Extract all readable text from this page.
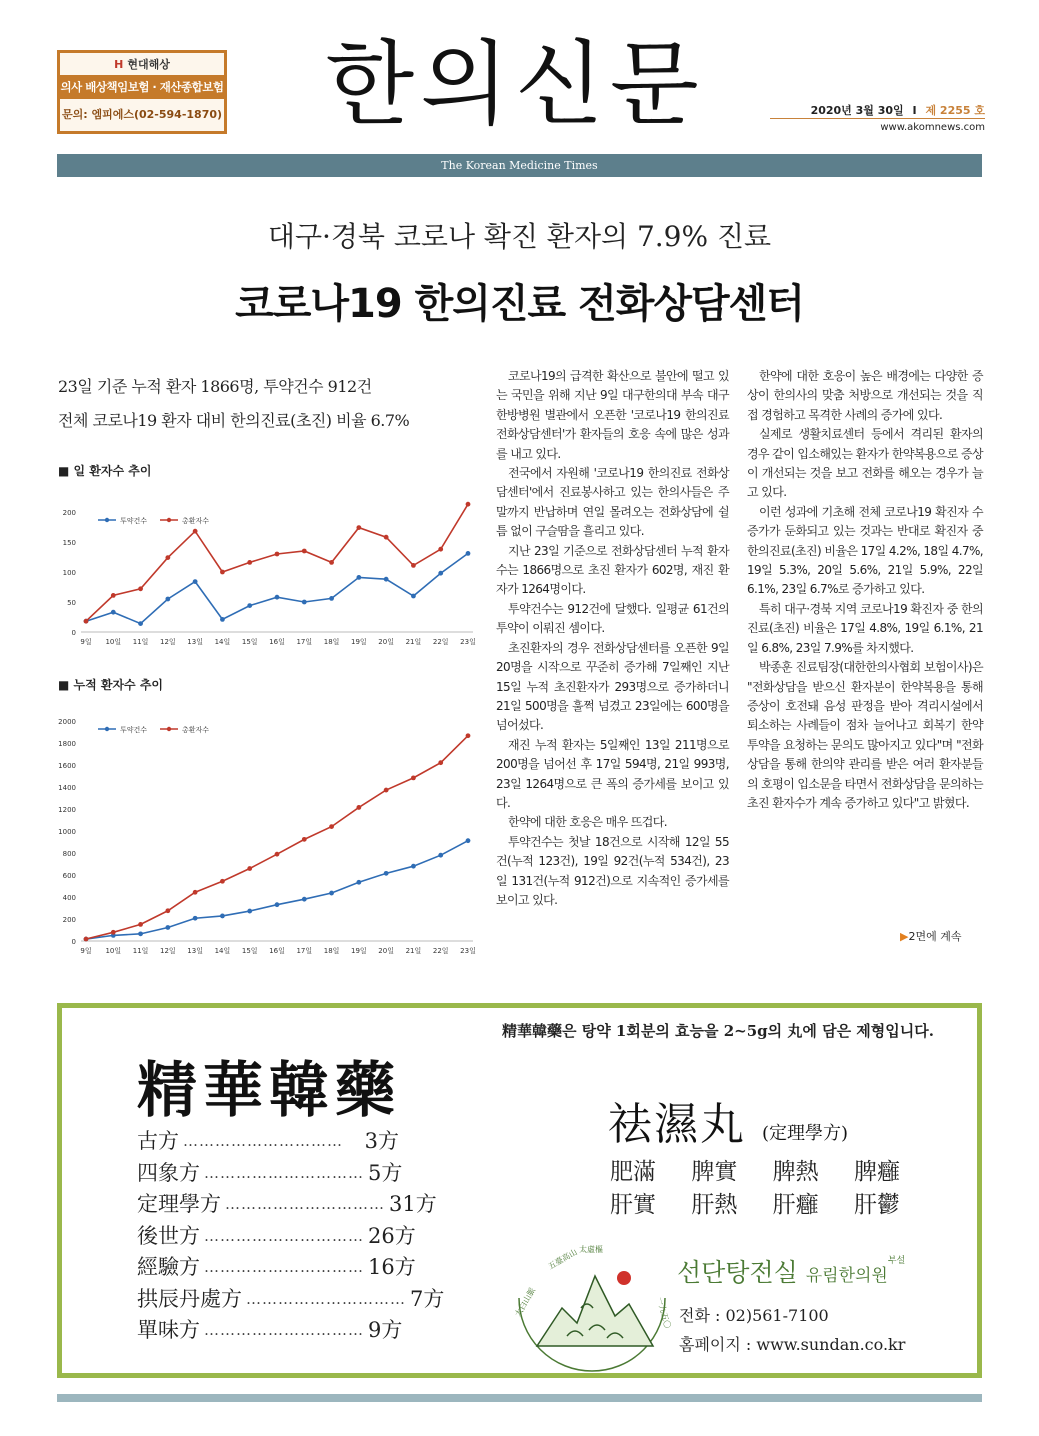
H 현대해상
의사 배상책임보험 · 재산종합보험
문의: 엠피에스(02-594-1870)	한의신문	2020년 3월 30일 I 제 2255 호
www.akomnews.com
The Korean Medicine Times
대구·경북 코로나 확진 환자의 7.9% 진료
코로나19 한의진료 전화상담센터
23일 기준 누적 환자 1866명, 투약건수 912건
전체 코로나19 환자 대비 한의진료(초진) 비율 6.7%
■ 일 환자수 추이
0
50
100
150
200
9일 10일 11일 12일 13일 14일 15일 16일 17일 18일 19일 20일 21일 22일 23일
투약건수	총환자수
■ 누적 환자수 추이
0
200
400
600
800
1000
1200
1400
1600
1800
2000
9일 10일 11일 12일 13일 14일 15일 16일 17일 18일 19일 20일 21일 22일 23일
투약건수	총환자수

코로나19의 급격한 확산으로 불안에 떨고 있는 국민을 위해 지난 9일 대구한의대 부속 대구한방병원 별관에서 오픈한 '코로나19 한의진료 전화상담센터'가 환자들의 호응 속에 많은 성과를 내고 있다.

전국에서 자원해 '코로나19 한의진료 전화상담센터'에서 진료봉사하고 있는 한의사들은 주말까지 반납하며 연일 몰려오는 전화상담에 쉴 틈 없이 구슬땀을 흘리고 있다.

지난 23일 기준으로 전화상담센터 누적 환자 수는 1866명으로 초진 환자가 602명, 재진 환자가 1264명이다.

투약건수는 912건에 달했다. 일평균 61건의 투약이 이뤄진 셈이다.

초진환자의 경우 전화상담센터를 오픈한 9일 20명을 시작으로 꾸준히 증가해 7일째인 지난 15일 누적 초진환자가 293명으로 증가하더니 21일 500명을 훌쩍 넘겼고 23일에는 600명을 넘어섰다.

재진 누적 환자는 5일째인 13일 211명으로 200명을 넘어선 후 17일 594명, 21일 993명, 23일 1264명으로 큰 폭의 증가세를 보이고 있다.

한약에 대한 호응은 매우 뜨겁다.

투약건수는 첫날 18건으로 시작해 12일 55건(누적 123건), 19일 92건(누적 534건), 23일 131건(누적 912건)으로 지속적인 증가세를 보이고 있다.

한약에 대한 호응이 높은 배경에는 다양한 증상이 한의사의 맞춤 처방으로 개선되는 것을 직접 경험하고 목격한 사례의 증가에 있다.

실제로 생활치료센터 등에서 격리된 환자의 경우 같이 입소해있는 환자가 한약복용으로 증상이 개선되는 것을 보고 전화를 해오는 경우가 늘고 있다.

이런 성과에 기초해 전체 코로나19 확진자 수 증가가 둔화되고 있는 것과는 반대로 확진자 중 한의진료(초진) 비율은 17일 4.2%, 18일 4.7%, 19일 5.3%, 20일 5.6%, 21일 5.9%, 22일 6.1%, 23일 6.7%로 증가하고 있다.

특히 대구·경북 지역 코로나19 확진자 중 한의진료(초진) 비율은 17일 4.8%, 19일 6.1%, 21일 6.8%, 23일 7.9%를 차지했다.

박종훈 진료팀장(대한한의사협회 보험이사)은 "전화상담을 받으신 환자분이 한약복용을 통해 증상이 호전돼 음성 판정을 받아 격리시설에서 퇴소하는 사례들이 점차 늘어나고 회복기 한약 투약을 요청하는 문의도 많아지고 있다"며 "전화상담을 통해 한의약 관리를 받은 여러 환자분들의 호평이 입소문을 타면서 전화상담을 문의하는 초진 환자수가 계속 증가하고 있다"고 밝혔다.

▶2면에 계속
精華韓藥
古方 …………………………	3方
四象方 ………………………… 5方
定理學方 ………………………… 31方
後世方 ………………………… 26方
經驗方 ………………………… 16方
拱辰丹處方 ………………………… 7方
單味方 ………………………… 9方
精華韓藥은 탕약 1회분의 효능을 2~5g의 丸에 담은 제형입니다.
祛濕丸 (定理學方)
肥滿 脾實 脾熱 脾癰
肝實 肝熱 肝癰 肝鬱
太白山脈
五臺高山 太虛樞
一九五〇
선단탕전실 유림한의원$^{부설}$
전화 : 02)561-7100
홈페이지 : www.sundan.co.kr
